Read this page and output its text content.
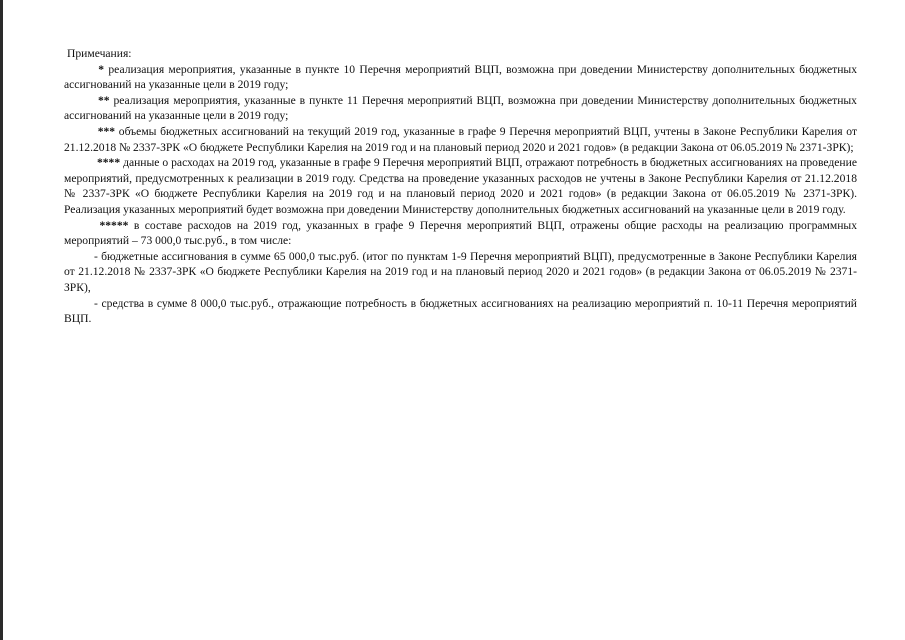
Примечания:

* реализация мероприятия, указанные в пункте 10 Перечня мероприятий ВЦП, возможна при доведении Министерству дополнительных бюджетных ассигнований на указанные цели в 2019 году;

** реализация мероприятия, указанные в пункте 11 Перечня мероприятий ВЦП, возможна при доведении Министерству дополнительных бюджетных ассигнований на указанные цели в 2019 году;

*** объемы бюджетных ассигнований на текущий 2019 год, указанные в графе 9 Перечня мероприятий ВЦП, учтены в Законе Республики Карелия от 21.12.2018 № 2337-ЗРК «О бюджете Республики Карелия на 2019 год и на плановый период 2020 и 2021 годов» (в редакции Закона от 06.05.2019 № 2371-ЗРК);

**** данные о расходах на 2019 год, указанные в графе 9 Перечня мероприятий ВЦП, отражают потребность в бюджетных ассигнованиях на проведение мероприятий, предусмотренных к реализации в 2019 году. Средства на проведение указанных расходов не учтены в Законе Республики Карелия от 21.12.2018 № 2337-ЗРК «О бюджете Республики Карелия на 2019 год и на плановый период 2020 и 2021 годов» (в редакции Закона от 06.05.2019 № 2371-ЗРК). Реализация указанных мероприятий будет возможна при доведении Министерству дополнительных бюджетных ассигнований на указанные цели в 2019 году.

***** в составе расходов на 2019 год, указанных в графе 9 Перечня мероприятий ВЦП, отражены общие расходы на реализацию программных мероприятий – 73 000,0 тыс.руб., в том числе:

- бюджетные ассигнования в сумме 65 000,0 тыс.руб. (итог по пунктам 1-9 Перечня мероприятий ВЦП), предусмотренные в Законе Республики Карелия от 21.12.2018 № 2337-ЗРК «О бюджете Республики Карелия на 2019 год и на плановый период 2020 и 2021 годов» (в редакции Закона от 06.05.2019 № 2371-ЗРК),

- средства в сумме 8 000,0 тыс.руб., отражающие потребность в бюджетных ассигнованиях на реализацию мероприятий п. 10-11 Перечня мероприятий ВЦП.
